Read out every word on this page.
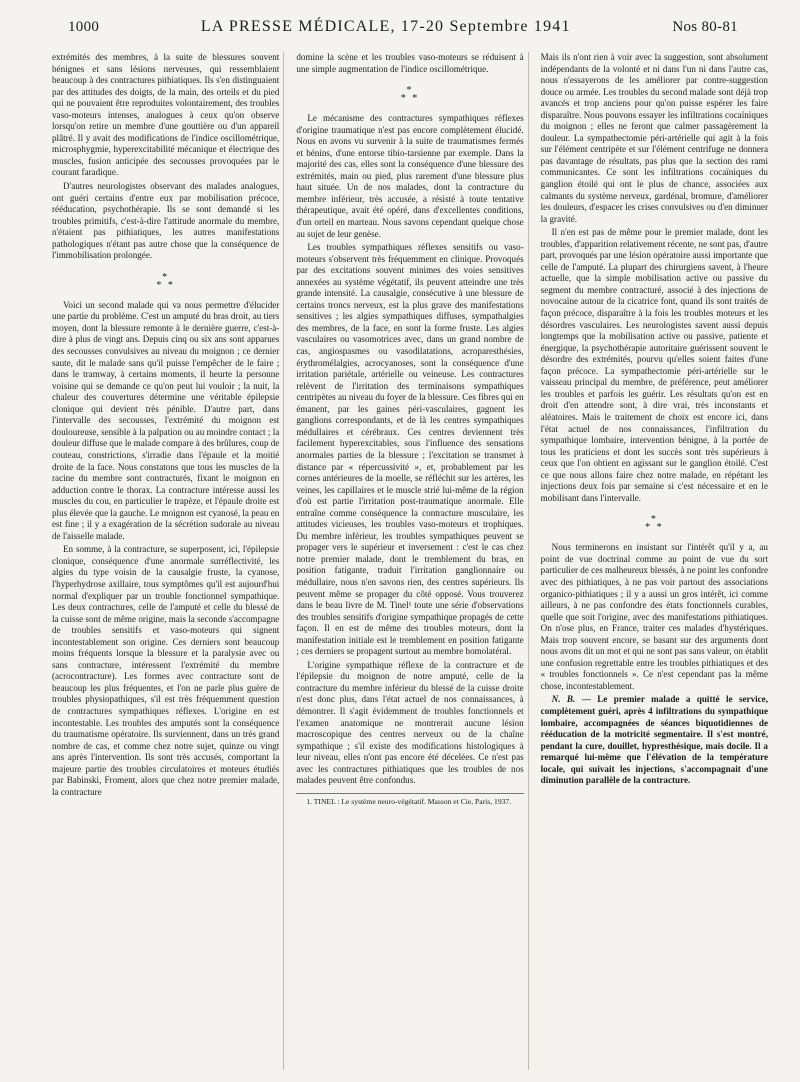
1000	LA PRESSE MÉDICALE, 17-20 Septembre 1941	Nos 80-81

extrémités des membres, à la suite de blessures souvent bénignes et sans lésions nerveuses, qui ressemblaient beaucoup à des contractures pithiatiques. Ils s'en distinguaient par des attitudes des doigts, de la main, des orteils et du pied qui ne pouvaient être reproduites volontairement, des troubles vaso-moteurs intenses, analogues à ceux qu'on observe lorsqu'on retire un membre d'une gouttière ou d'un appareil plâtré. Il y avait des modifications de l'indice oscillométrique, microsphygmie, hyperexcitabilité mécanique et électrique des muscles, fusion anticipée des secousses provoquées par le courant faradique.

D'autres neurologistes observant des malades analogues, ont guéri certains d'entre eux par mobilisation précoce, rééducation, psychothérapie. Ils se sont demandé si les troubles primitifs, c'est-à-dire l'attitude anormale du membre, n'étaient pas pithiatiques, les autres manifestations pathologiques n'étant pas autre chose que la conséquence de l'immobilisation prolongée.

*
* *

Voici un second malade qui va nous permettre d'élucider une partie du problème. C'est un amputé du bras droit, au tiers moyen, dont la blessure remonte à le dernière guerre, c'est-à-dire à plus de vingt ans. Depuis cinq ou six ans sont apparues des secousses convulsives au niveau du moignon ; ce dernier saute, dit le malade sans qu'il puisse l'empêcher de le faire ; dans le tramway, à certains moments, il heurte la personne voisine qui se demande ce qu'on peut lui vouloir ; la nuit, la chaleur des couvertures détermine une véritable épilepsie clonique qui devient très pénible. D'autre part, dans l'intervalle des secousses, l'extrémité du moignon est douloureuse, sensible à la palpation ou au moindre contact ; la douleur diffuse que le malade compare à des brûlures, coup de couteau, constrictions, s'irradie dans l'épaule et la moitié droite de la face. Nous constatons que tous les muscles de la racine du membre sont contracturés, fixant le moignon en adduction contre le thorax. La contracture intéresse aussi les muscles du cou, en particulier le trapèze, et l'épaule droite est plus élevée que la gauche. Le moignon est cyanosé, la peau en est fine ; il y a exagération de la sécrétion sudorale au niveau de l'aisselle malade.

En somme, à la contracture, se superposent, ici, l'épilepsie clonique, conséquence d'une anormale surréflectivité, les algies du type voisin de la causalgie fruste, la cyanose, l'hyperhydrose axillaire, tous symptômes qu'il est aujourd'hui normal d'expliquer par un trouble fonctionnel sympathique. Les deux contractures, celle de l'amputé et celle du blessé de la cuisse sont de même origine, mais la seconde s'accompagne de troubles sensitifs et vaso-moteurs qui signent incontestablement son origine. Ces derniers sont beaucoup moins fréquents lorsque la blessure et la paralysie avec ou sans contracture, intéressent l'extrémité du membre (acrocontracture). Les formes avec contracture sont de beaucoup les plus fréquentes, et l'on ne parle plus guère de troubles physiopathiques, s'il est très fréquemment question de contractures sympathiques réflexes. L'origine en est incontestable. Les troubles des amputés sont la conséquence du traumatisme opératoire. Ils surviennent, dans un très grand nombre de cas, et comme chez notre sujet, quinze ou vingt ans après l'intervention. Ils sont très accusés, comportant la majeure partie des troubles circulatoires et moteurs étudiés par Babinski, Froment, alors que chez notre premier malade, la contracture

domine la scène et les troubles vaso-moteurs se réduisent à une simple augmentation de l'indice oscillométrique.

*
* *

Le mécanisme des contractures sympathiques réflexes d'origine traumatique n'est pas encore complètement élucidé. Nous en avons vu survenir à la suite de traumatismes fermés et bénins, d'une entorse tibio-tarsienne par exemple. Dans la majorité des cas, elles sont la conséquence d'une blessure des extrémités, main ou pied, plus rarement d'une blessure plus haut située. Un de nos malades, dont la contracture du membre inférieur, très accusée, a résisté à toute tentative thérapeutique, avait été opéré, dans d'excellentes conditions, d'un orteil en marteau. Nous savons cependant quelque chose au sujet de leur genèse.

Les troubles sympathiques réflexes sensitifs ou vaso-moteurs s'observent très fréquemment en clinique. Provoqués par des excitations souvent minimes des voies sensitives annexées au système végétatif, ils peuvent atteindre une très grande intensité. La causalgie, consécutive à une blessure de certains troncs nerveux, est la plus grave des manifestations sensitives ; les algies sympathiques diffuses, sympathalgies des membres, de la face, en sont la forme fruste. Les algies vasculaires ou vasomotrices avec, dans un grand nombre de cas, angiospasmes ou vasodilatations, acroparesthésies, érythromélalgies, acrocyanoses, sont la conséquence d'une irritation pariétale, artérielle ou veineuse. Les contractures relèvent de l'irritation des terminaisons sympathiques centripètes au niveau du foyer de la blessure. Ces fibres qui en émanent, par les gaines péri-vasculaires, gagnent les ganglions correspondants, et de là les centres sympathiques médullaires et cérébraux. Ces centres deviennent très facilement hyperexcitables, sous l'influence des sensations anormales parties de la blessure ; l'excitation se transmet à distance par « répercussivité », et, probablement par les cornes antérieures de la moelle, se réfléchit sur les artères, les veines, les capillaires et le muscle strié lui-même de la région d'où est partie l'irritation post-traumatique anormale. Elle entraîne comme conséquence la contracture musculaire, les attitudes vicieuses, les troubles vaso-moteurs et trophiques. Du membre inférieur, les troubles sympathiques peuvent se propager vers le supérieur et inversement : c'est le cas chez notre premier malade, dont le tremblement du bras, en position fatigante, traduit l'irritation ganglionnaire ou médullaire, nous n'en savons rien, des centres supérieurs. Ils peuvent même se propager du côté opposé. Vous trouverez dans le beau livre de M. Tinel¹ toute une série d'observations des troubles sensitifs d'origine sympathique propagés de cette façon. Il en est de même des troubles moteurs, dont la manifestation initiale est le tremblement en position fatigante ; ces derniers se propagent surtout au membre homolatéral.

L'origine sympathique réflexe de la contracture et de l'épilepsie du moignon de notre amputé, celle de la contracture du membre inférieur du blessé de la cuisse droite n'est donc plus, dans l'état actuel de nos connaissances, à démontrer. Il s'agit évidemment de troubles fonctionnels et l'examen anatomique ne montrerait aucune lésion macroscopique des centres nerveux ou de la chaîne sympathique ; s'il existe des modifications histologiques à leur niveau, elles n'ont pas encore été décelées. Ce n'est pas avec les contractures pithiatiques que les troubles de nos malades peuvent être confondus.

1. TINEL : Le système neuro-végétatif. Masson et Cie, Paris, 1937.

Mais ils n'ont rien à voir avec la suggestion, sont absolument indépendants de la volonté et ni dans l'un ni dans l'autre cas, nous n'essayerons de les améliorer par contre-suggestion douce ou armée. Les troubles du second malade sont déjà trop avancés et trop anciens pour qu'on puisse espérer les faire disparaître. Nous pouvons essayer les infiltrations cocaïniques du moignon ; elles ne feront que calmer passagèrement la douleur. La sympathectomie péri-artérielle qui agit à la fois sur l'élément centripète et sur l'élément centrifuge ne donnera pas davantage de résultats, pas plus que la section des rami communicantes. Ce sont les infiltrations cocaïniques du ganglion étoilé qui ont le plus de chance, associées aux calmants du système nerveux, gardénal, bromure, d'améliorer les douleurs, d'espacer les crises convulsives ou d'en diminuer la gravité.

Il n'en est pas de même pour le premier malade, dont les troubles, d'apparition relativement récente, ne sont pas, d'autre part, provoqués par une lésion opératoire aussi importante que celle de l'amputé. La plupart des chirurgiens savent, à l'heure actuelle, que la simple mobilisation active ou passive du segment du membre contracturé, associé à des injections de novocaïne autour de la cicatrice font, quand ils sont traités de façon précoce, disparaître à la fois les troubles moteurs et les désordres vasculaires. Les neurologistes savent aussi depuis longtemps que la mobilisation active ou passive, patiente et énergique, la psychothérapie autoritaire guérissent souvent le désordre des extrémités, pourvu qu'elles soient faites d'une façon précoce. La sympathectomie péri-artérielle sur le vaisseau principal du membre, de préférence, peut améliorer les troubles et parfois les guérir. Les résultats qu'on est en droit d'en attendre sont, à dire vrai, très inconstants et aléatoires. Mais le traitement de choix est encore ici, dans l'état actuel de nos connaissances, l'infiltration du sympathique lombaire, intervention bénigne, à la portée de tous les praticiens et dont les succès sont très supérieurs à ceux que l'on obtient en agissant sur le ganglion étoilé. C'est ce que nous allons faire chez notre malade, en répétant les injections deux fois par semaine si c'est nécessaire et en le mobilisant dans l'intervalle.

*
* *

Nous terminerons en insistant sur l'intérêt qu'il y a, au point de vue doctrinal comme au point de vue du sort particulier de ces malheureux blessés, à ne point les confondre avec des pithiatiques, à ne pas voir partout des associations organico-pithiatiques ; il y a aussi un gros intérêt, ici comme ailleurs, à ne pas confondre des états fonctionnels curables, quelle que soit l'origine, avec des manifestations pithiatiques. On n'ose plus, en France, traiter ces malades d'hystériques. Mais trop souvent encore, se basant sur des arguments dont nous avons dit un mot et qui ne sont pas sans valeur, on établit une confusion regrettable entre les troubles pithiatiques et des « troubles fonctionnels ». Ce n'est cependant pas la même chose, incontestablement.

N. B. — Le premier malade a quitté le service, complètement guéri, après 4 infiltrations du sympathique lombaire, accompagnées de séances biquotidiennes de rééducation de la motricité segmentaire. Il s'est montré, pendant la cure, douillet, hypresthésique, mais docile. Il a remarqué lui-même que l'élévation de la température locale, qui suivait les injections, s'accompagnait d'une diminution parallèle de la contracture.
